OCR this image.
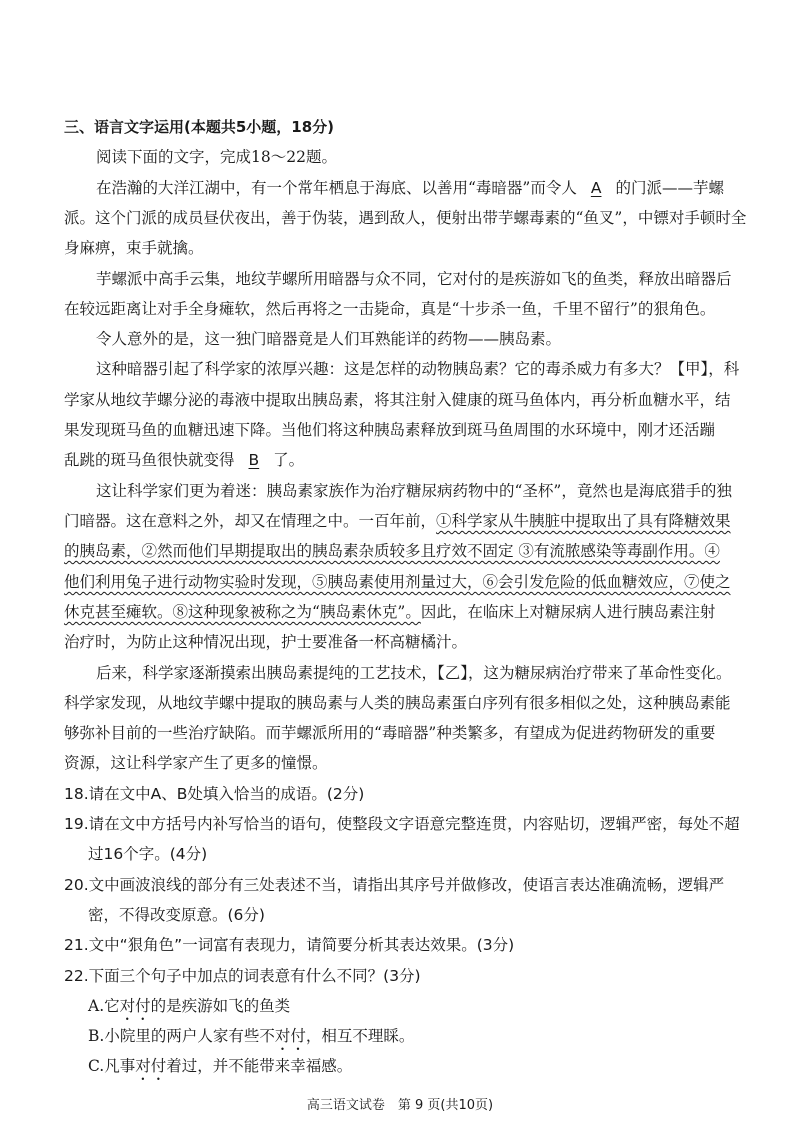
三、语言文字运用(本题共5小题，18分)
阅读下面的文字，完成18～22题。
在浩瀚的大洋江湖中，有一个常年栖息于海底、以善用“毒暗器”而令人 A 的门派——芋螺
派。这个门派的成员昼伏夜出，善于伪装，遇到敌人，便射出带芋螺毒素的“鱼叉”，中镖对手顿时全
身麻痹，束手就擒。
芋螺派中高手云集，地纹芋螺所用暗器与众不同，它对付的是疾游如飞的鱼类，释放出暗器后
在较远距离让对手全身瘫软，然后再将之一击毙命，真是“十步杀一鱼，千里不留行”的狠角色。
令人意外的是，这一独门暗器竟是人们耳熟能详的药物——胰岛素。
这种暗器引起了科学家的浓厚兴趣：这是怎样的动物胰岛素？它的毒杀威力有多大？【甲】，科
学家从地纹芋螺分泌的毒液中提取出胰岛素，将其注射入健康的斑马鱼体内，再分析血糖水平，结
果发现斑马鱼的血糖迅速下降。当他们将这种胰岛素释放到斑马鱼周围的水环境中，刚才还活蹦
乱跳的斑马鱼很快就变得 B 了。
这让科学家们更为着迷：胰岛素家族作为治疗糖尿病药物中的“圣杯”，竟然也是海底猎手的独
门暗器。这在意料之外，却又在情理之中。一百年前，①科学家从牛胰脏中提取出了具有降糖效果
的胰岛素，②然而他们早期提取出的胰岛素杂质较多且疗效不固定 ③有流脓感染等毒副作用。④
他们利用兔子进行动物实验时发现，⑤胰岛素使用剂量过大，⑥会引发危险的低血糖效应，⑦使之
休克甚至瘫软。⑧这种现象被称之为“胰岛素休克”。因此，在临床上对糖尿病人进行胰岛素注射
治疗时，为防止这种情况出现，护士要准备一杯高糖橘汁。
后来，科学家逐渐摸索出胰岛素提纯的工艺技术，【乙】，这为糖尿病治疗带来了革命性变化。
科学家发现，从地纹芋螺中提取的胰岛素与人类的胰岛素蛋白序列有很多相似之处，这种胰岛素能
够弥补目前的一些治疗缺陷。而芋螺派所用的“毒暗器”种类繁多，有望成为促进药物研发的重要
资源，这让科学家产生了更多的憧憬。
18.请在文中A、B处填入恰当的成语。(2分)
19.请在文中方括号内补写恰当的语句，使整段文字语意完整连贯，内容贴切，逻辑严密，每处不超
过16个字。(4分)
20.文中画波浪线的部分有三处表述不当，请指出其序号并做修改，使语言表达准确流畅，逻辑严
密，不得改变原意。(6分)
21.文中“狠角色”一词富有表现力，请简要分析其表达效果。(3分)
22.下面三个句子中加点的词表意有什么不同？(3分)
A.它对付的是疾游如飞的鱼类
B.小院里的两户人家有些不对付，相互不理睬。
C.凡事对付着过，并不能带来幸福感。
高三语文试卷　第 9 页(共10页)
